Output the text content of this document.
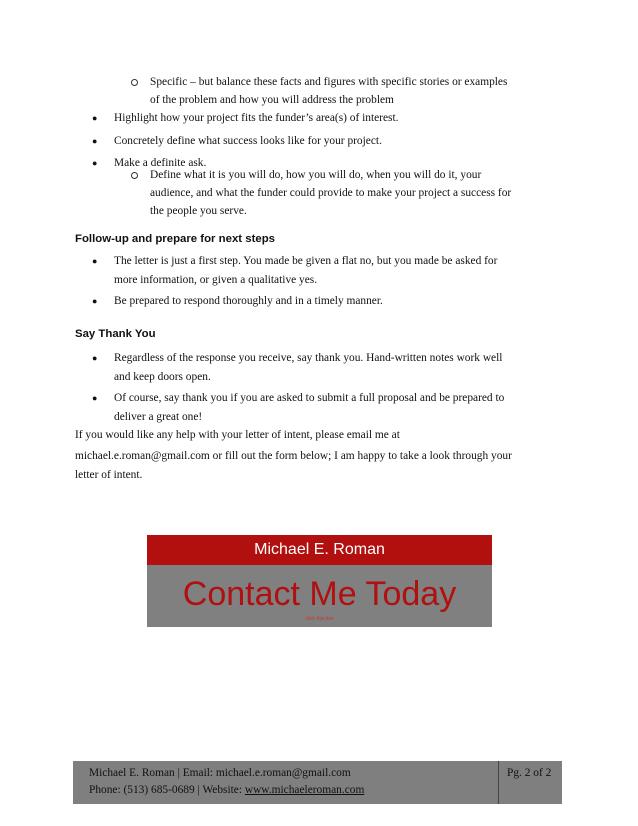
Specific – but balance these facts and figures with specific stories or examples
of the problem and how you will address the problem
● Highlight how your project fits the funder’s area(s) of interest.
● Concretely define what success looks like for your project.
● Make a definite ask.
Define what it is you will do, how you will do, when you will do it, your
audience, and what the funder could provide to make your project a success for
the people you serve.
Follow-up and prepare for next steps
● The letter is just a first step. You made be given a flat no, but you made be asked for
more information, or given a qualitative yes.
● Be prepared to respond thoroughly and in a timely manner.
Say Thank You
● Regardless of the response you receive, say thank you. Hand-written notes work well
and keep doors open.
● Of course, say thank you if you are asked to submit a full proposal and be prepared to
deliver a great one!
If you would like any help with your letter of intent, please email me at
michael.e.roman@gmail.com or fill out the form below; I am happy to take a look through your
letter of intent.
Michael E. Roman
Contact Me Today
click this box
Michael E. Roman | Email: michael.e.roman@gmail.com
Phone: (513) 685-0689 | Website: www.michaeleroman.com
Pg. 2 of 2
